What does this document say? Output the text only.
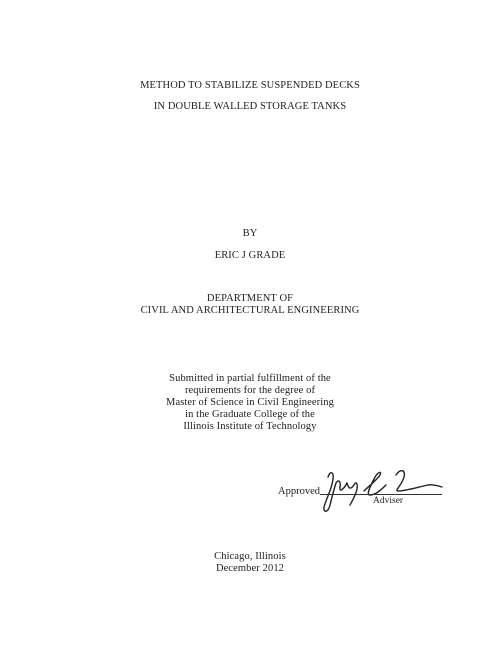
METHOD TO STABILIZE SUSPENDED DECKS
IN DOUBLE WALLED STORAGE TANKS
BY
ERIC J GRADE
DEPARTMENT OF
CIVIL AND ARCHITECTURAL ENGINEERING
Submitted in partial fulfillment of the
requirements for the degree of
Master of Science in Civil Engineering
in the Graduate College of the
Illinois Institute of Technology
Approved
Adviser
Chicago, Illinois
December 2012
